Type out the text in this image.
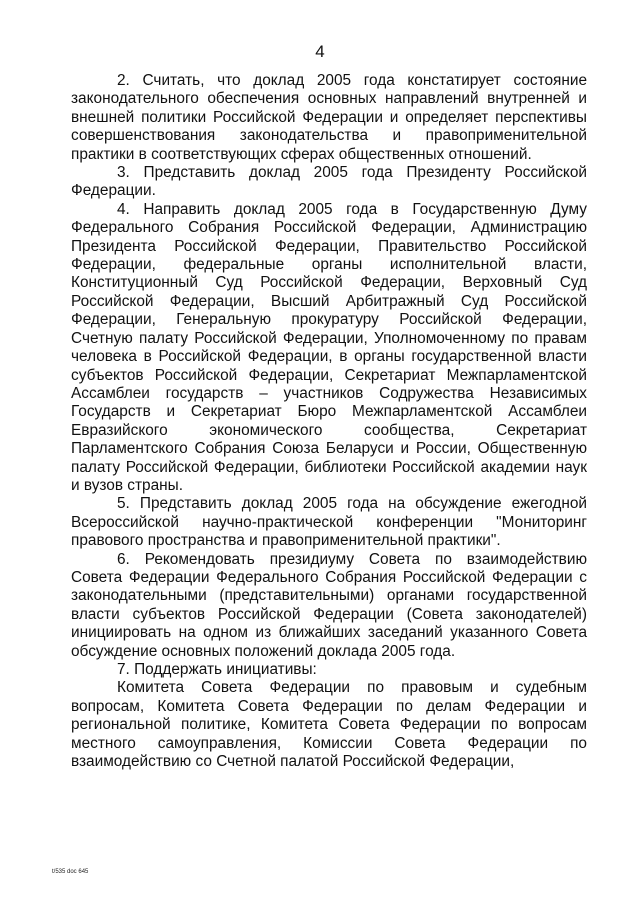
4

2. Считать, что доклад 2005 года констатирует состояние законодательного обеспечения основных направлений внутренней и внешней политики Российской Федерации и определяет перспективы совершенствования законодательства и правоприменительной практики в соответствующих сферах общественных отношений.

3. Представить доклад 2005 года Президенту Российской Федерации.

4. Направить доклад 2005 года в Государственную Думу Федерального Собрания Российской Федерации, Администрацию Президента Российской Федерации, Правительство Российской Федерации, федеральные органы исполнительной власти, Конституционный Суд Российской Федерации, Верховный Суд Российской Федерации, Высший Арбитражный Суд Российской Федерации, Генеральную прокуратуру Российской Федерации, Счетную палату Российской Федерации, Уполномоченному по правам человека в Российской Федерации, в органы государственной власти субъектов Российской Федерации, Секретариат Межпарламентской Ассамблеи государств – участников Содружества Независимых Государств и Секретариат Бюро Межпарламентской Ассамблеи Евразийского экономического сообщества, Секретариат Парламентского Собрания Союза Беларуси и России, Общественную палату Российской Федерации, библиотеки Российской академии наук и вузов страны.

5. Представить доклад 2005 года на обсуждение ежегодной Всероссийской научно-практической конференции "Мониторинг правового пространства и правоприменительной практики".

6. Рекомендовать президиуму Совета по взаимодействию Совета Федерации Федерального Собрания Российской Федерации с законодательными (представительными) органами государственной власти субъектов Российской Федерации (Совета законодателей) инициировать на одном из ближайших заседаний указанного Совета обсуждение основных положений доклада 2005 года.

7. Поддержать инициативы:

Комитета Совета Федерации по правовым и судебным вопросам, Комитета Совета Федерации по делам Федерации и региональной политике, Комитета Совета Федерации по вопросам местного самоуправления, Комиссии Совета Федерации по взаимодействию со Счетной палатой Российской Федерации,

t/535 doc 645
